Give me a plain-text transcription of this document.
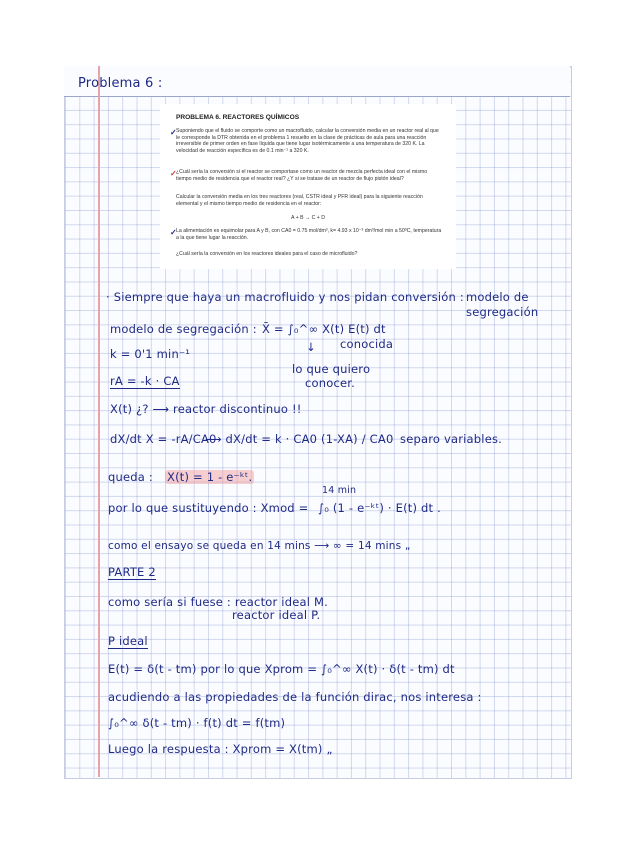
Problema 6 :
PROBLEMA 6. REACTORES QUÍMICOS
✓ Suponiendo que el fluido se comporte como un macrofluido, calcular la conversión media en un reactor real al que le corresponde la DTR obtenida en el problema 1 resuelto en la clase de prácticas de aula para una reacción irreversible de primer orden en fase líquida que tiene lugar isotérmicamente a una temperatura de 320 K. La velocidad de reacción específica es de 0.1 min⁻¹ a 320 K.
✓ ¿Cuál sería la conversión si el reactor se comportase como un reactor de mezcla perfecta ideal con el mismo tiempo medio de residencia que el reactor real? ¿Y si se tratase de un reactor de flujo pistón ideal?
Calcular la conversión media en los tres reactores (real, CSTR ideal y PFR ideal) para la siguiente reacción elemental y el mismo tiempo medio de residencia en el reactor:
A + B → C + D
✓ La alimentación es equimolar para A y B, con CA0 = 0.75 mol/dm³, k= 4.93 x 10⁻³ dm³/mol min a 50ºC, temperatura a la que tiene lugar la reacción.
¿Cuál sería la conversión en los reactores ideales para el caso de microfluido?
· Siempre que haya un macrofluido y nos pidan conversión : modelo de
segregación
modelo de segregación : X̄ = ∫₀^∞ X(t) E(t) dt
↓ conocida
k = 0'1 min⁻¹
lo que quiero
conocer.
rA = -k · CA
X(t) ¿? ⟶ reactor discontinuo !!
dX/dt X = -rA/CA0
⟶ dX/dt = k · CA0 (1-XA) / CA0 separo variables.
queda : X(t) = 1 - e⁻ᵏᵗ.
por lo que sustituyendo : Xmod =
14 min
∫₀ (1 - e⁻ᵏᵗ) · E(t) dt .
como el ensayo se queda en 14 mins ⟶ ∞ = 14 mins „
PARTE 2
como sería si fuese : reactor ideal M.
reactor ideal P.
P ideal
E(t) = δ(t - tm) por lo que Xprom = ∫₀^∞ X(t) · δ(t - tm) dt
acudiendo a las propiedades de la función dirac, nos interesa :
∫₀^∞ δ(t - tm) · f(t) dt = f(tm)
Luego la respuesta : Xprom = X(tm) „
